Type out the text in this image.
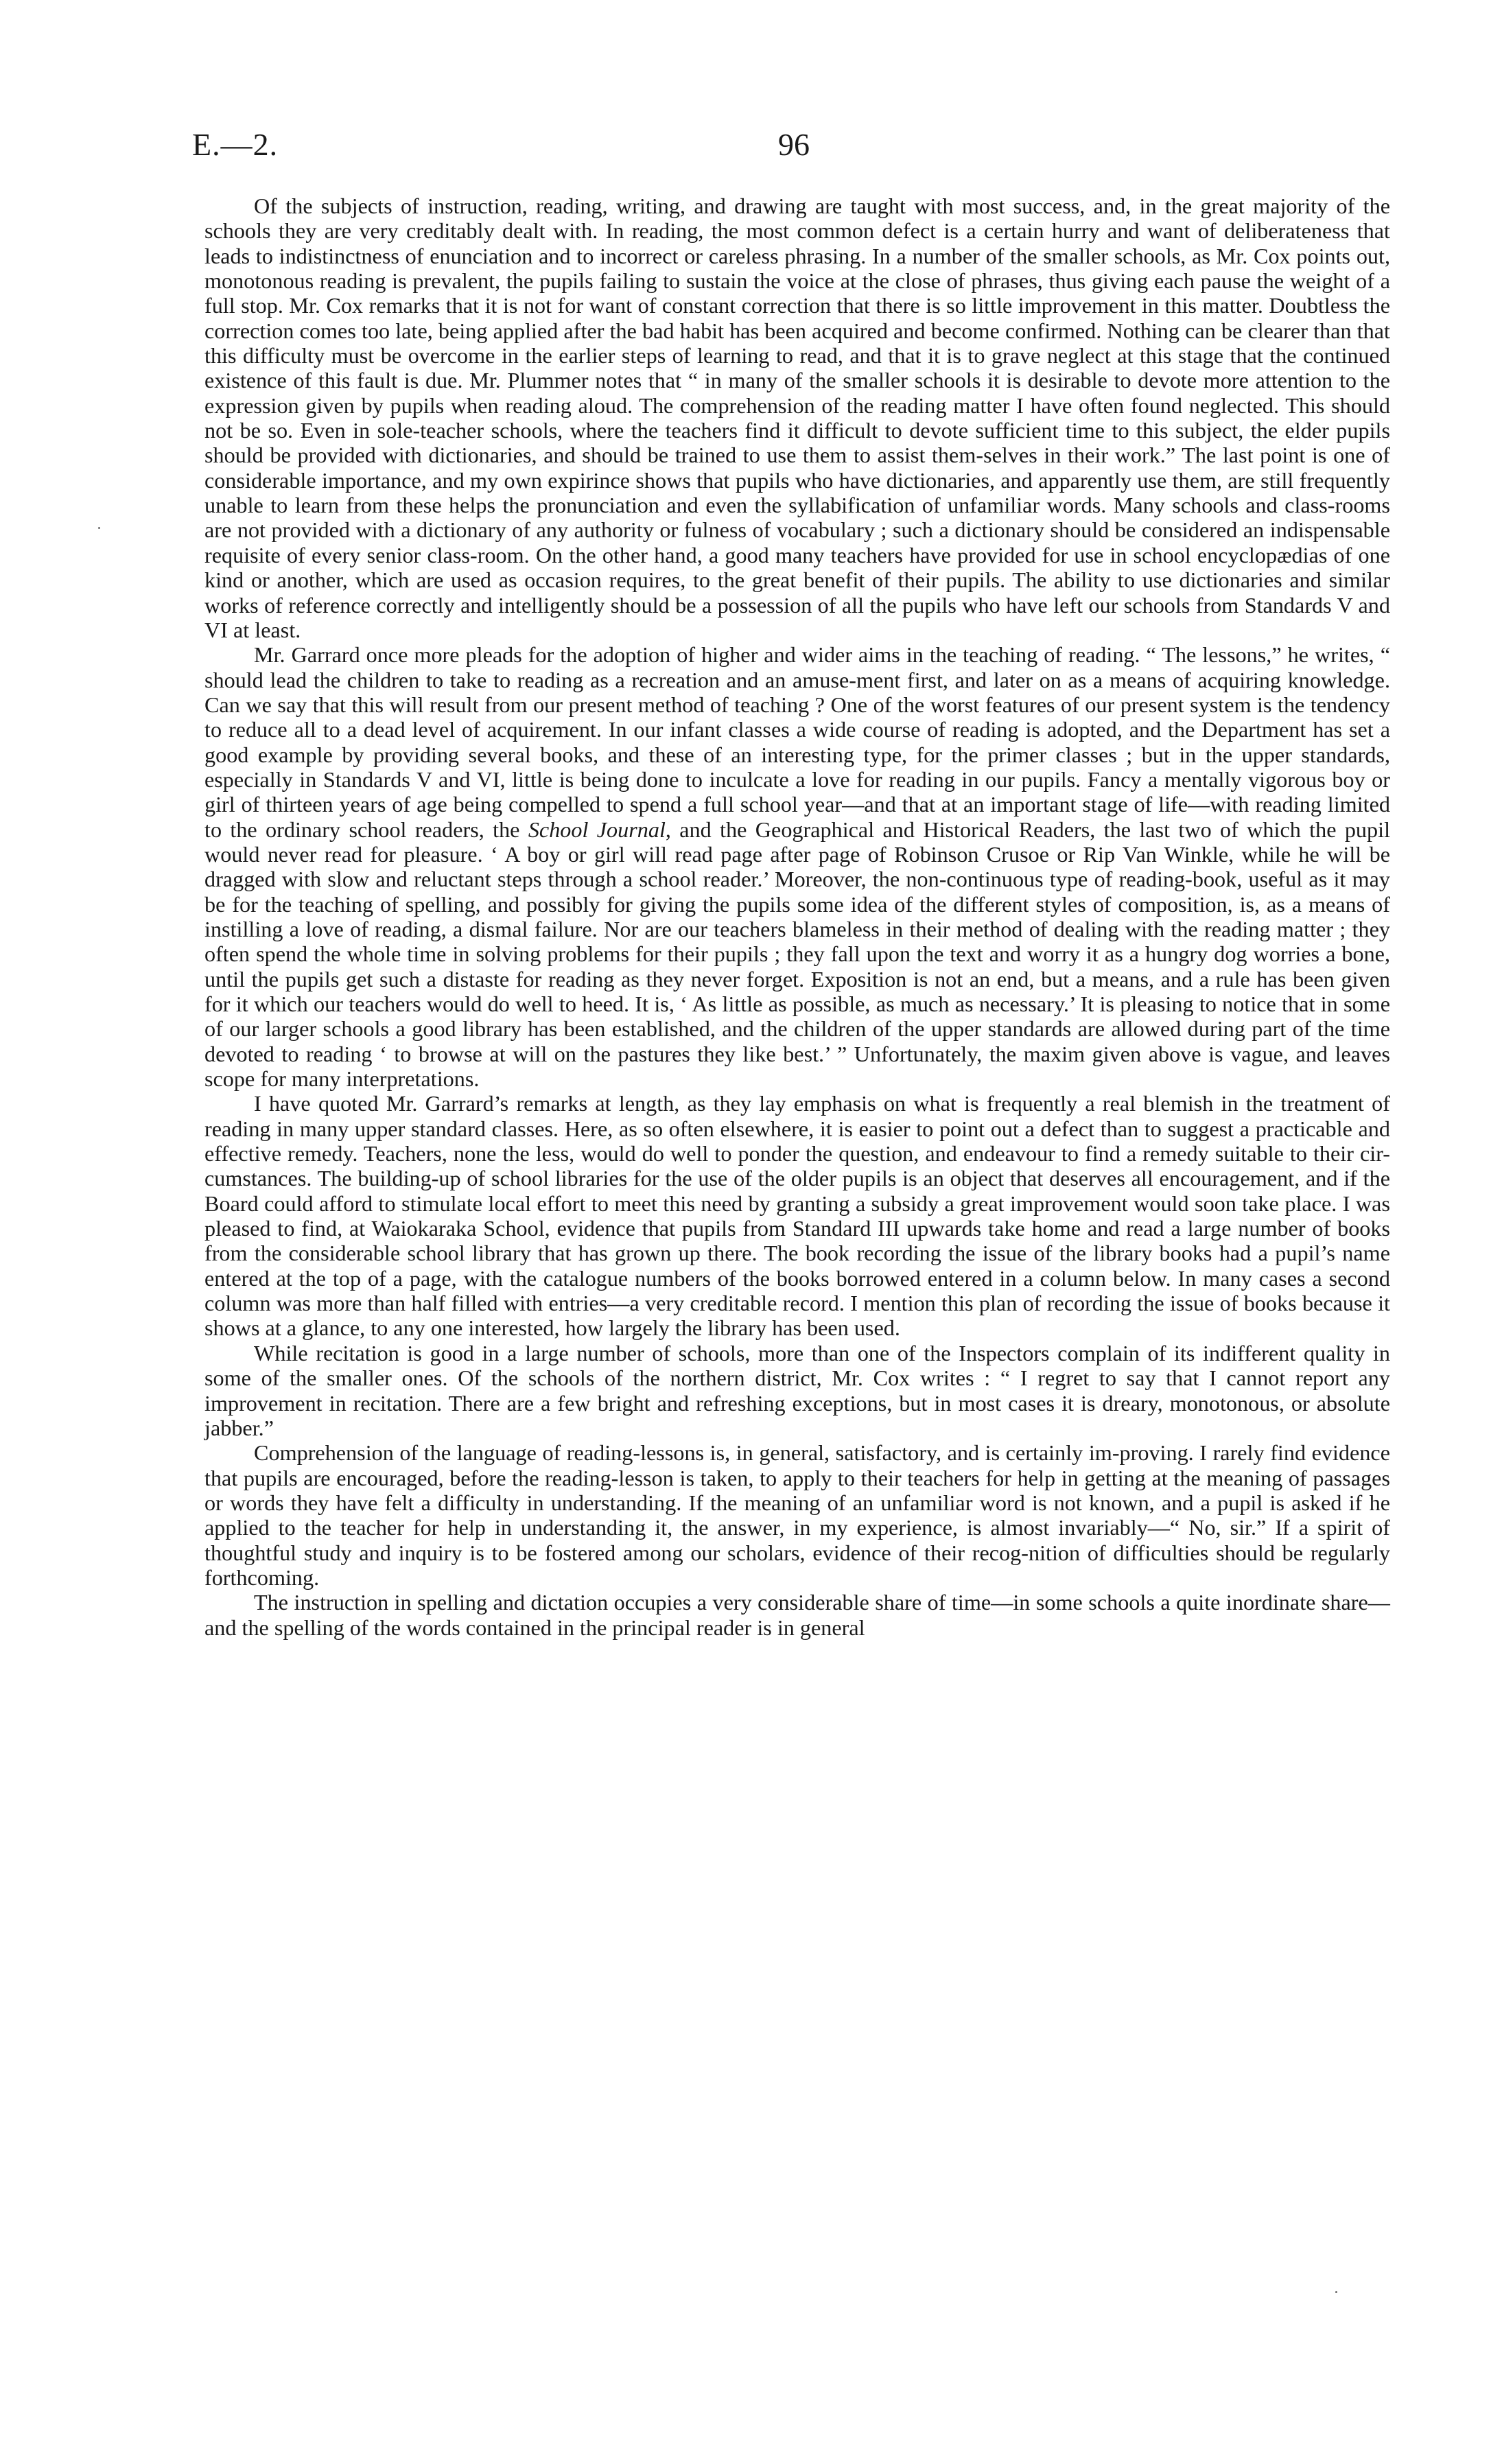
E.—2.	96

Of the subjects of instruction, reading, writing, and drawing are taught with most success, and, in the great majority of the schools they are very creditably dealt with. In reading, the most common defect is a certain hurry and want of deliberateness that leads to indistinctness of enunciation and to incorrect or careless phrasing. In a number of the smaller schools, as Mr. Cox points out, monotonous reading is prevalent, the pupils failing to sustain the voice at the close of phrases, thus giving each pause the weight of a full stop. Mr. Cox remarks that it is not for want of constant correction that there is so little improvement in this matter. Doubtless the correction comes too late, being applied after the bad habit has been acquired and become confirmed. Nothing can be clearer than that this difficulty must be overcome in the earlier steps of learning to read, and that it is to grave neglect at this stage that the continued existence of this fault is due. Mr. Plummer notes that “ in many of the smaller schools it is desirable to devote more attention to the expression given by pupils when reading aloud. The comprehension of the reading matter I have often found neglected. This should not be so. Even in sole-teacher schools, where the teachers find it difficult to devote sufficient time to this subject, the elder pupils should be provided with dictionaries, and should be trained to use them to assist them-selves in their work.” The last point is one of considerable importance, and my own expirince shows that pupils who have dictionaries, and apparently use them, are still frequently unable to learn from these helps the pronunciation and even the syllabification of unfamiliar words. Many schools and class-rooms are not provided with a dictionary of any authority or fulness of vocabulary ; such a dictionary should be considered an indispensable requisite of every senior class-room. On the other hand, a good many teachers have provided for use in school encyclopædias of one kind or another, which are used as occasion requires, to the great benefit of their pupils. The ability to use dictionaries and similar works of reference correctly and intelligently should be a possession of all the pupils who have left our schools from Standards V and VI at least.

Mr. Garrard once more pleads for the adoption of higher and wider aims in the teaching of reading. “ The lessons,” he writes, “ should lead the children to take to reading as a recreation and an amuse-ment first, and later on as a means of acquiring knowledge. Can we say that this will result from our present method of teaching ? One of the worst features of our present system is the tendency to reduce all to a dead level of acquirement. In our infant classes a wide course of reading is adopted, and the Department has set a good example by providing several books, and these of an interesting type, for the primer classes ; but in the upper standards, especially in Standards V and VI, little is being done to inculcate a love for reading in our pupils. Fancy a mentally vigorous boy or girl of thirteen years of age being compelled to spend a full school year—and that at an important stage of life—with reading limited to the ordinary school readers, the School Journal, and the Geographical and Historical Readers, the last two of which the pupil would never read for pleasure. ‘ A boy or girl will read page after page of Robinson Crusoe or Rip Van Winkle, while he will be dragged with slow and reluctant steps through a school reader.’ Moreover, the non-continuous type of reading-book, useful as it may be for the teaching of spelling, and possibly for giving the pupils some idea of the different styles of composition, is, as a means of instilling a love of reading, a dismal failure. Nor are our teachers blameless in their method of dealing with the reading matter ; they often spend the whole time in solving problems for their pupils ; they fall upon the text and worry it as a hungry dog worries a bone, until the pupils get such a distaste for reading as they never forget. Exposition is not an end, but a means, and a rule has been given for it which our teachers would do well to heed. It is, ‘ As little as possible, as much as necessary.’ It is pleasing to notice that in some of our larger schools a good library has been established, and the children of the upper standards are allowed during part of the time devoted to reading ‘ to browse at will on the pastures they like best.’ ” Unfortunately, the maxim given above is vague, and leaves scope for many interpretations.

I have quoted Mr. Garrard’s remarks at length, as they lay emphasis on what is frequently a real blemish in the treatment of reading in many upper standard classes. Here, as so often elsewhere, it is easier to point out a defect than to suggest a practicable and effective remedy. Teachers, none the less, would do well to ponder the question, and endeavour to find a remedy suitable to their cir-cumstances. The building-up of school libraries for the use of the older pupils is an object that deserves all encouragement, and if the Board could afford to stimulate local effort to meet this need by granting a subsidy a great improvement would soon take place. I was pleased to find, at Waiokaraka School, evidence that pupils from Standard III upwards take home and read a large number of books from the considerable school library that has grown up there. The book recording the issue of the library books had a pupil’s name entered at the top of a page, with the catalogue numbers of the books borrowed entered in a column below. In many cases a second column was more than half filled with entries—a very creditable record. I mention this plan of recording the issue of books because it shows at a glance, to any one interested, how largely the library has been used.

While recitation is good in a large number of schools, more than one of the Inspectors complain of its indifferent quality in some of the smaller ones. Of the schools of the northern district, Mr. Cox writes : “ I regret to say that I cannot report any improvement in recitation. There are a few bright and refreshing exceptions, but in most cases it is dreary, monotonous, or absolute jabber.”

Comprehension of the language of reading-lessons is, in general, satisfactory, and is certainly im-proving. I rarely find evidence that pupils are encouraged, before the reading-lesson is taken, to apply to their teachers for help in getting at the meaning of passages or words they have felt a difficulty in understanding. If the meaning of an unfamiliar word is not known, and a pupil is asked if he applied to the teacher for help in understanding it, the answer, in my experience, is almost invariably—“ No, sir.” If a spirit of thoughtful study and inquiry is to be fostered among our scholars, evidence of their recog-nition of difficulties should be regularly forthcoming.

The instruction in spelling and dictation occupies a very considerable share of time—in some schools a quite inordinate share—and the spelling of the words contained in the principal reader is in general
